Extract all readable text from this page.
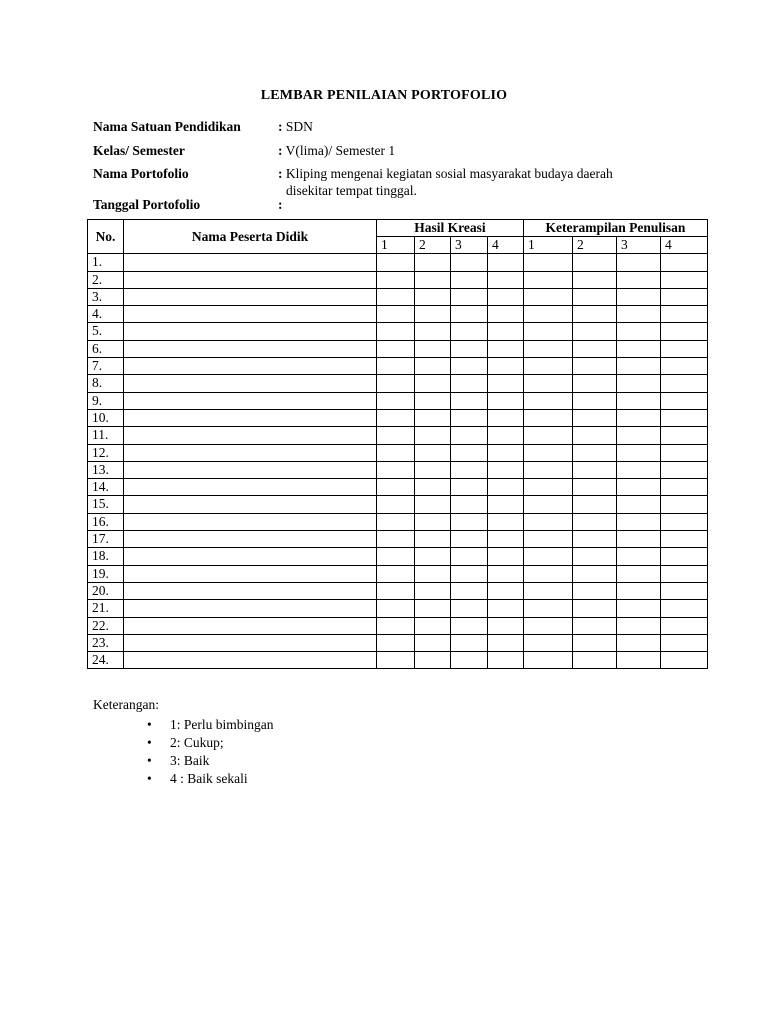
LEMBAR PENILAIAN PORTOFOLIO
Nama Satuan Pendidikan	: SDN
Kelas/ Semester	: V(lima)/ Semester 1
Nama Portofolio	: Kliping mengenai kegiatan sosial masyarakat budaya daerah
disekitar tempat tinggal.
Tanggal Portofolio	:
No.	Nama Peserta Didik	Hasil Kreasi				Keterampilan Penulisan			
		1	2	3	4	1	2	3	4
1.									
2.									
3.									
4.									
5.									
6.									
7.									
8.									
9.									
10.									
11.									
12.									
13.									
14.									
15.									
16.									
17.									
18.									
19.									
20.									
21.									
22.									
23.									
24.									
Keterangan:
• 1: Perlu bimbingan
• 2: Cukup;
• 3: Baik
• 4 : Baik sekali
